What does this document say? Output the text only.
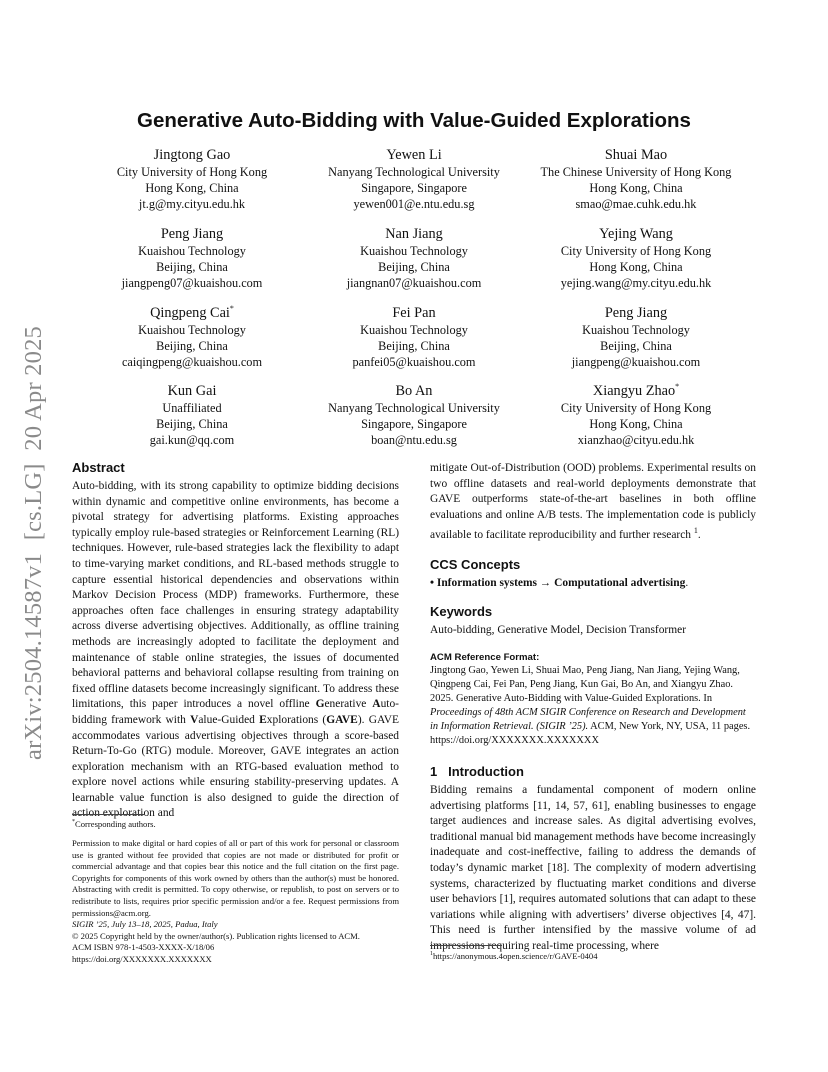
arXiv:2504.14587v1  [cs.LG]  20 Apr 2025
Generative Auto-Bidding with Value-Guided Explorations
Jingtong Gao
City University of Hong Kong
Hong Kong, China
jt.g@my.cityu.edu.hk
Yewen Li
Nanyang Technological University
Singapore, Singapore
yewen001@e.ntu.edu.sg
Shuai Mao
The Chinese University of Hong Kong
Hong Kong, China
smao@mae.cuhk.edu.hk
Peng Jiang
Kuaishou Technology
Beijing, China
jiangpeng07@kuaishou.com
Nan Jiang
Kuaishou Technology
Beijing, China
jiangnan07@kuaishou.com
Yejing Wang
City University of Hong Kong
Hong Kong, China
yejing.wang@my.cityu.edu.hk
Qingpeng Cai*
Kuaishou Technology
Beijing, China
caiqingpeng@kuaishou.com
Fei Pan
Kuaishou Technology
Beijing, China
panfei05@kuaishou.com
Peng Jiang
Kuaishou Technology
Beijing, China
jiangpeng@kuaishou.com
Kun Gai
Unaffiliated
Beijing, China
gai.kun@qq.com
Bo An
Nanyang Technological University
Singapore, Singapore
boan@ntu.edu.sg
Xiangyu Zhao*
City University of Hong Kong
Hong Kong, China
xianzhao@cityu.edu.hk
Abstract

Auto-bidding, with its strong capability to optimize bidding decisions within dynamic and competitive online environments, has become a pivotal strategy for advertising platforms. Existing approaches typically employ rule-based strategies or Reinforcement Learning (RL) techniques. However, rule-based strategies lack the flexibility to adapt to time-varying market conditions, and RL-based methods struggle to capture essential historical dependencies and observations within Markov Decision Process (MDP) frameworks. Furthermore, these approaches often face challenges in ensuring strategy adaptability across diverse advertising objectives. Additionally, as offline training methods are increasingly adopted to facilitate the deployment and maintenance of stable online strategies, the issues of documented behavioral patterns and behavioral collapse resulting from training on fixed offline datasets become increasingly significant. To address these limitations, this paper introduces a novel offline Generative Auto-bidding framework with Value-Guided Explorations (GAVE). GAVE accommodates various advertising objectives through a score-based Return-To-Go (RTG) module. Moreover, GAVE integrates an action exploration mechanism with an RTG-based evaluation method to explore novel actions while ensuring stability-preserving updates. A learnable value function is also designed to guide the direction of action exploration and

*Corresponding authors.
Permission to make digital or hard copies of all or part of this work for personal or classroom use is granted without fee provided that copies are not made or distributed for profit or commercial advantage and that copies bear this notice and the full citation on the first page. Copyrights for components of this work owned by others than the author(s) must be honored. Abstracting with credit is permitted. To copy otherwise, or republish, to post on servers or to redistribute to lists, requires prior specific permission and/or a fee. Request permissions from permissions@acm.org.
SIGIR ’25, July 13–18, 2025, Padua, Italy
© 2025 Copyright held by the owner/author(s). Publication rights licensed to ACM.
ACM ISBN 978-1-4503-XXXX-X/18/06
https://doi.org/XXXXXXX.XXXXXXX

mitigate Out-of-Distribution (OOD) problems. Experimental results on two offline datasets and real-world deployments demonstrate that GAVE outperforms state-of-the-art baselines in both offline evaluations and online A/B tests. The implementation code is publicly available to facilitate reproducibility and further research $^1$.

CCS Concepts

• Information systems → Computational advertising.

Keywords

Auto-bidding, Generative Model, Decision Transformer

ACM Reference Format:
Jingtong Gao, Yewen Li, Shuai Mao, Peng Jiang, Nan Jiang, Yejing Wang, Qingpeng Cai, Fei Pan, Peng Jiang, Kun Gai, Bo An, and Xiangyu Zhao. 2025. Generative Auto-Bidding with Value-Guided Explorations. In Proceedings of 48th ACM SIGIR Conference on Research and Development in Information Retrieval. (SIGIR ’25). ACM, New York, NY, USA, 11 pages. https://doi.org/XXXXXXX.XXXXXXX
1 Introduction

Bidding remains a fundamental component of modern online advertising platforms [11, 14, 57, 61], enabling businesses to engage target audiences and increase sales. As digital advertising evolves, traditional manual bid management methods have become increasingly inadequate and cost-ineffective, failing to address the demands of today’s dynamic market [18]. The complexity of modern advertising systems, characterized by fluctuating market conditions and diverse user behaviors [1], requires automated solutions that can adapt to these variations while aligning with advertisers’ diverse objectives [4, 47]. This need is further intensified by the massive volume of ad impressions requiring real-time processing, where

$^1$https://anonymous.4open.science/r/GAVE-0404
